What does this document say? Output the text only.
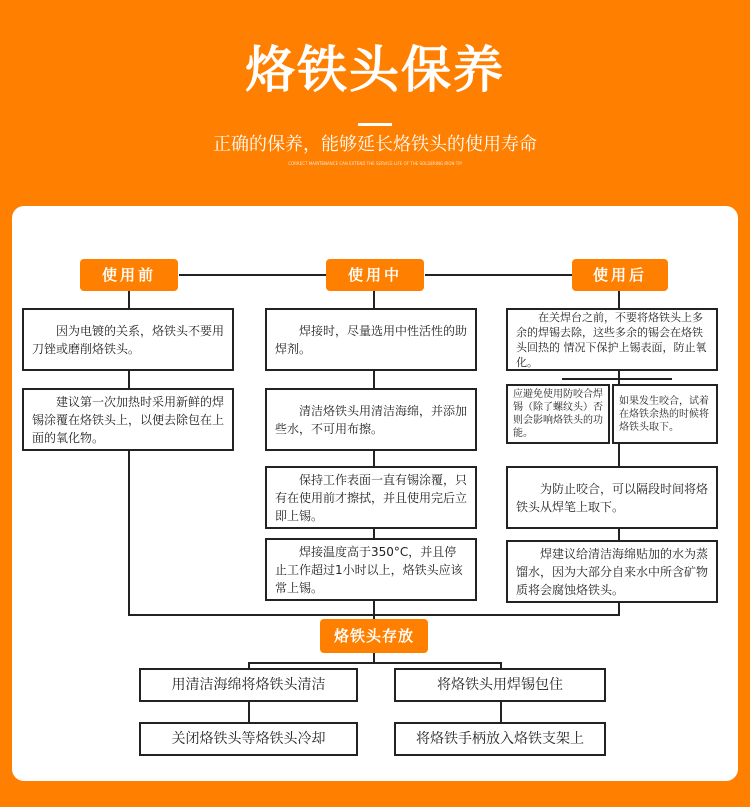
烙铁头保养
正确的保养，能够延长烙铁头的使用寿命
CORRECT MAINTENANCE CAN EXTEND THE SERVICE LIFE OF THE SOLDERING IRON TIP
使用前	使用中	使用后
因为电镀的关系，烙铁头不要用刀锉或磨削烙铁头。
建议第一次加热时采用新鲜的焊锡涂覆在烙铁头上，以便去除包在上面的氧化物。
焊接时，尽量选用中性活性的助焊剂。
清洁烙铁头用清洁海绵，并添加些水，不可用布擦。
保持工作表面一直有锡涂覆，只有在使用前才擦拭，并且使用完后立即上锡。
焊接温度高于350°C，并且停止工作超过1小时以上，烙铁头应该常上锡。
在关焊台之前，不要将烙铁头上多余的焊锡去除，这些多余的锡会在烙铁头回热的 情况下保护上锡表面，防止氧化。
应避免使用防咬合焊锡（除了螺纹头）否则会影响烙铁头的功能。
如果发生咬合，试着在烙铁余热的时候将烙铁头取下。
为防止咬合，可以隔段时间将烙铁头从焊笔上取下。
焊建议给清洁海绵贴加的水为蒸馏水，因为大部分自来水中所含矿物质将会腐蚀烙铁头。
烙铁头存放
用清洁海绵将烙铁头清洁	将烙铁头用焊锡包住
关闭烙铁头等烙铁头冷却	将烙铁手柄放入烙铁支架上
